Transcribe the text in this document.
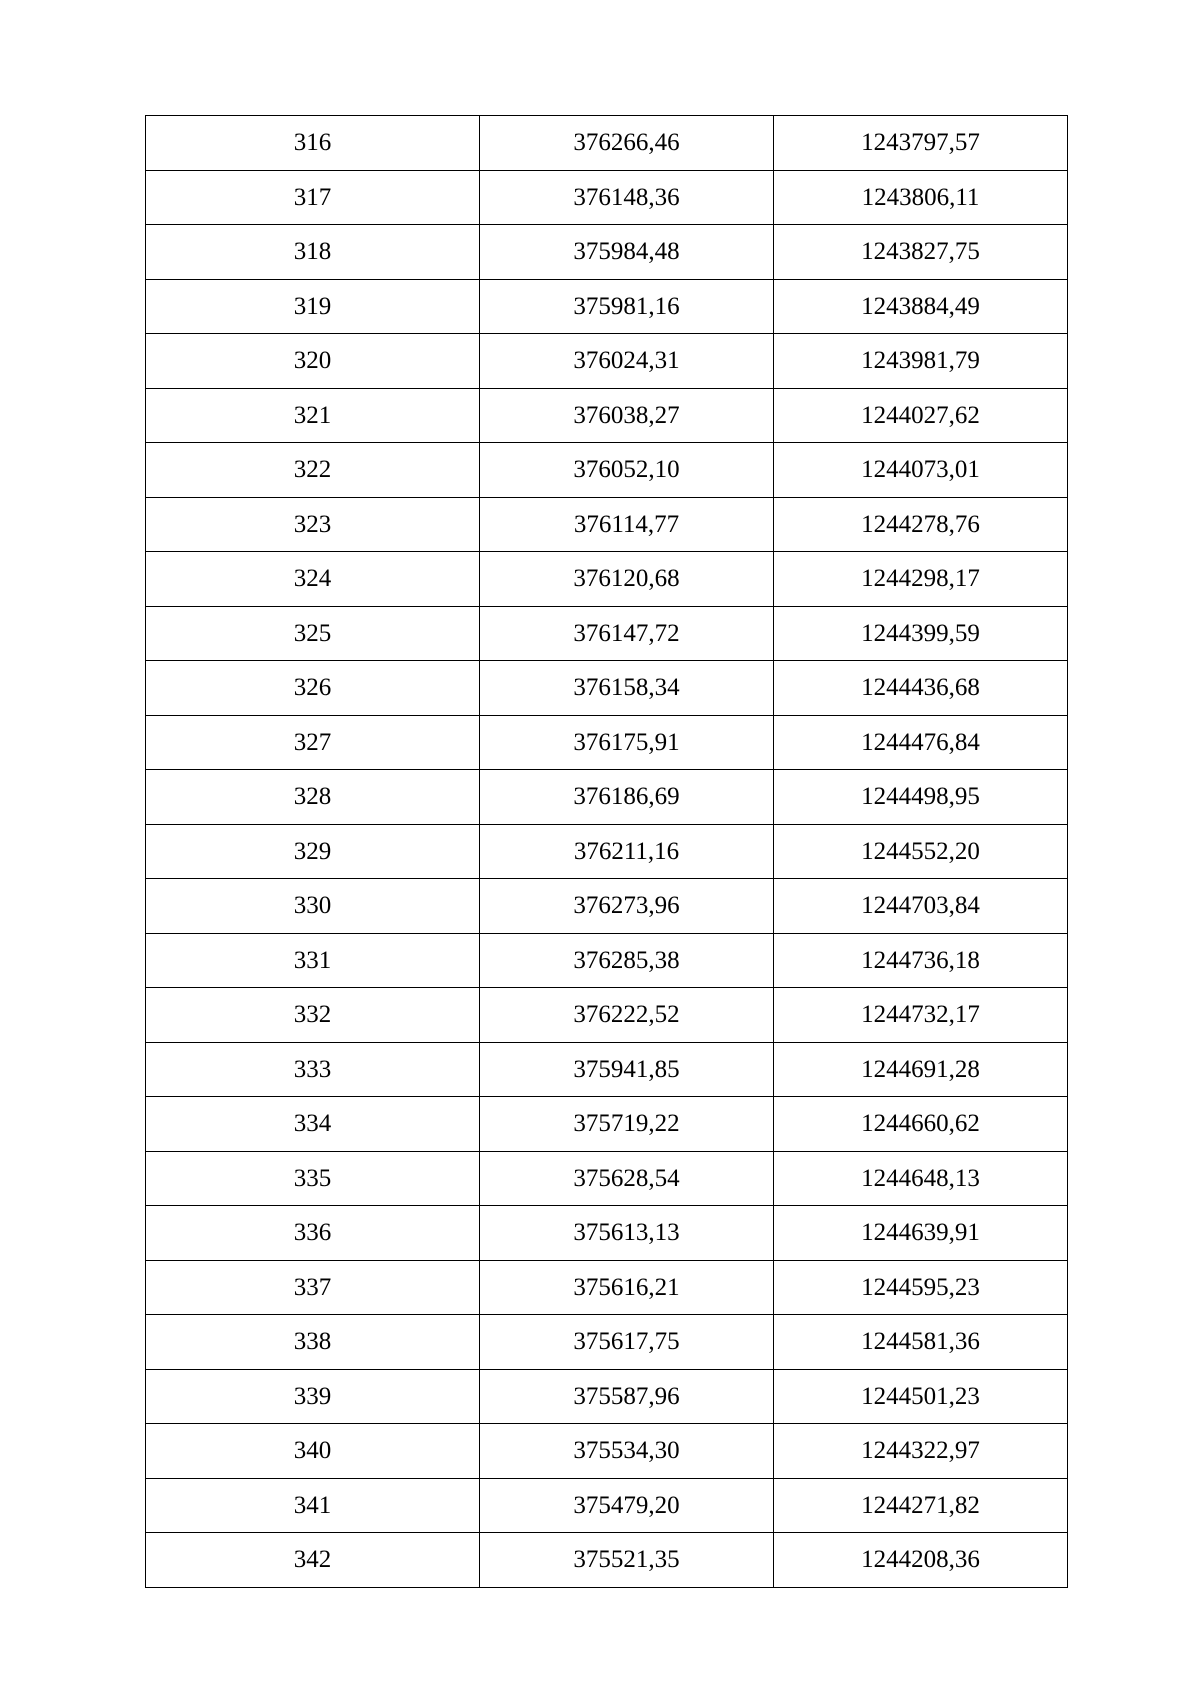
316	376266,46	1243797,57
317	376148,36	1243806,11
318	375984,48	1243827,75
319	375981,16	1243884,49
320	376024,31	1243981,79
321	376038,27	1244027,62
322	376052,10	1244073,01
323	376114,77	1244278,76
324	376120,68	1244298,17
325	376147,72	1244399,59
326	376158,34	1244436,68
327	376175,91	1244476,84
328	376186,69	1244498,95
329	376211,16	1244552,20
330	376273,96	1244703,84
331	376285,38	1244736,18
332	376222,52	1244732,17
333	375941,85	1244691,28
334	375719,22	1244660,62
335	375628,54	1244648,13
336	375613,13	1244639,91
337	375616,21	1244595,23
338	375617,75	1244581,36
339	375587,96	1244501,23
340	375534,30	1244322,97
341	375479,20	1244271,82
342	375521,35	1244208,36
